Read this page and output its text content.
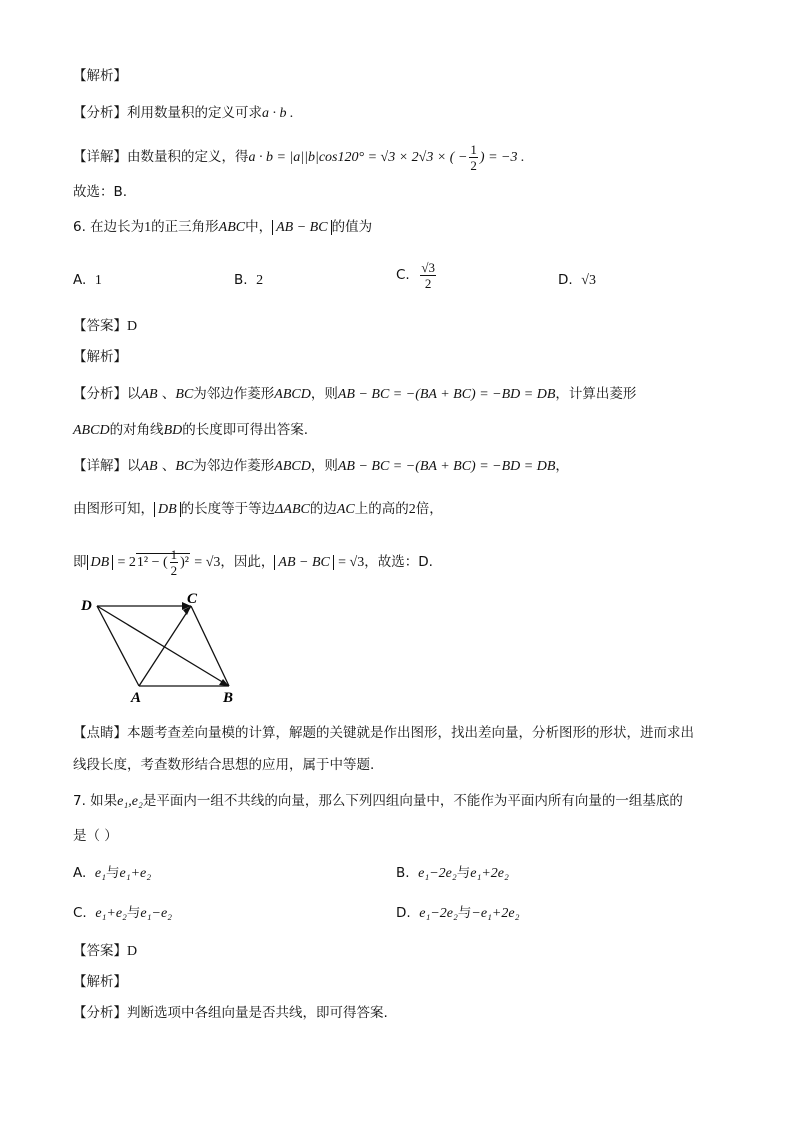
【解析】
【分析】利用数量积的定义可求a · b .
【详解】由数量积的定义，得a · b = |a||b|cos120° = √3 × 2√3 × ( − $\frac{1}{2}$ ) = −3 .
故选：B.
6. 在边长为1的正三角形ABC中， AB − BC 的值为
A. 1	B. 2	C. $\frac{√3}{2}$	D. √3
【答案】D
【解析】
【分析】以AB 、BC为邻边作菱形ABCD，则AB − BC = −(BA + BC) = −BD = DB，计算出菱形
ABCD的对角线BD的长度即可得出答案.
【详解】以AB 、BC为邻边作菱形ABCD，则AB − BC = −(BA + BC) = −BD = DB，
由图形可知， DB 的长度等于等边ΔABC的边AC上的高的2倍，
即 DB = 21² − ( $\frac{1}{2} )^2 = √3$，因此， AB − BC = √3，故选：D.
D	C
A	B
【点睛】本题考查差向量模的计算，解题的关键就是作出图形，找出差向量，分析图形的形状，进而求出
线段长度，考查数形结合思想的应用，属于中等题.
7. 如果e₁,e₂是平面内一组不共线的向量，那么下列四组向量中，不能作为平面内所有向量的一组基底的
是（ ）
A. e₁与e₁+e₂	B. e₁−2e₂与e₁+2e₂
C. e₁+e₂与e₁−e₂	D. e₁−2e₂与−e₁+2e₂
【答案】D
【解析】
【分析】判断选项中各组向量是否共线，即可得答案.
